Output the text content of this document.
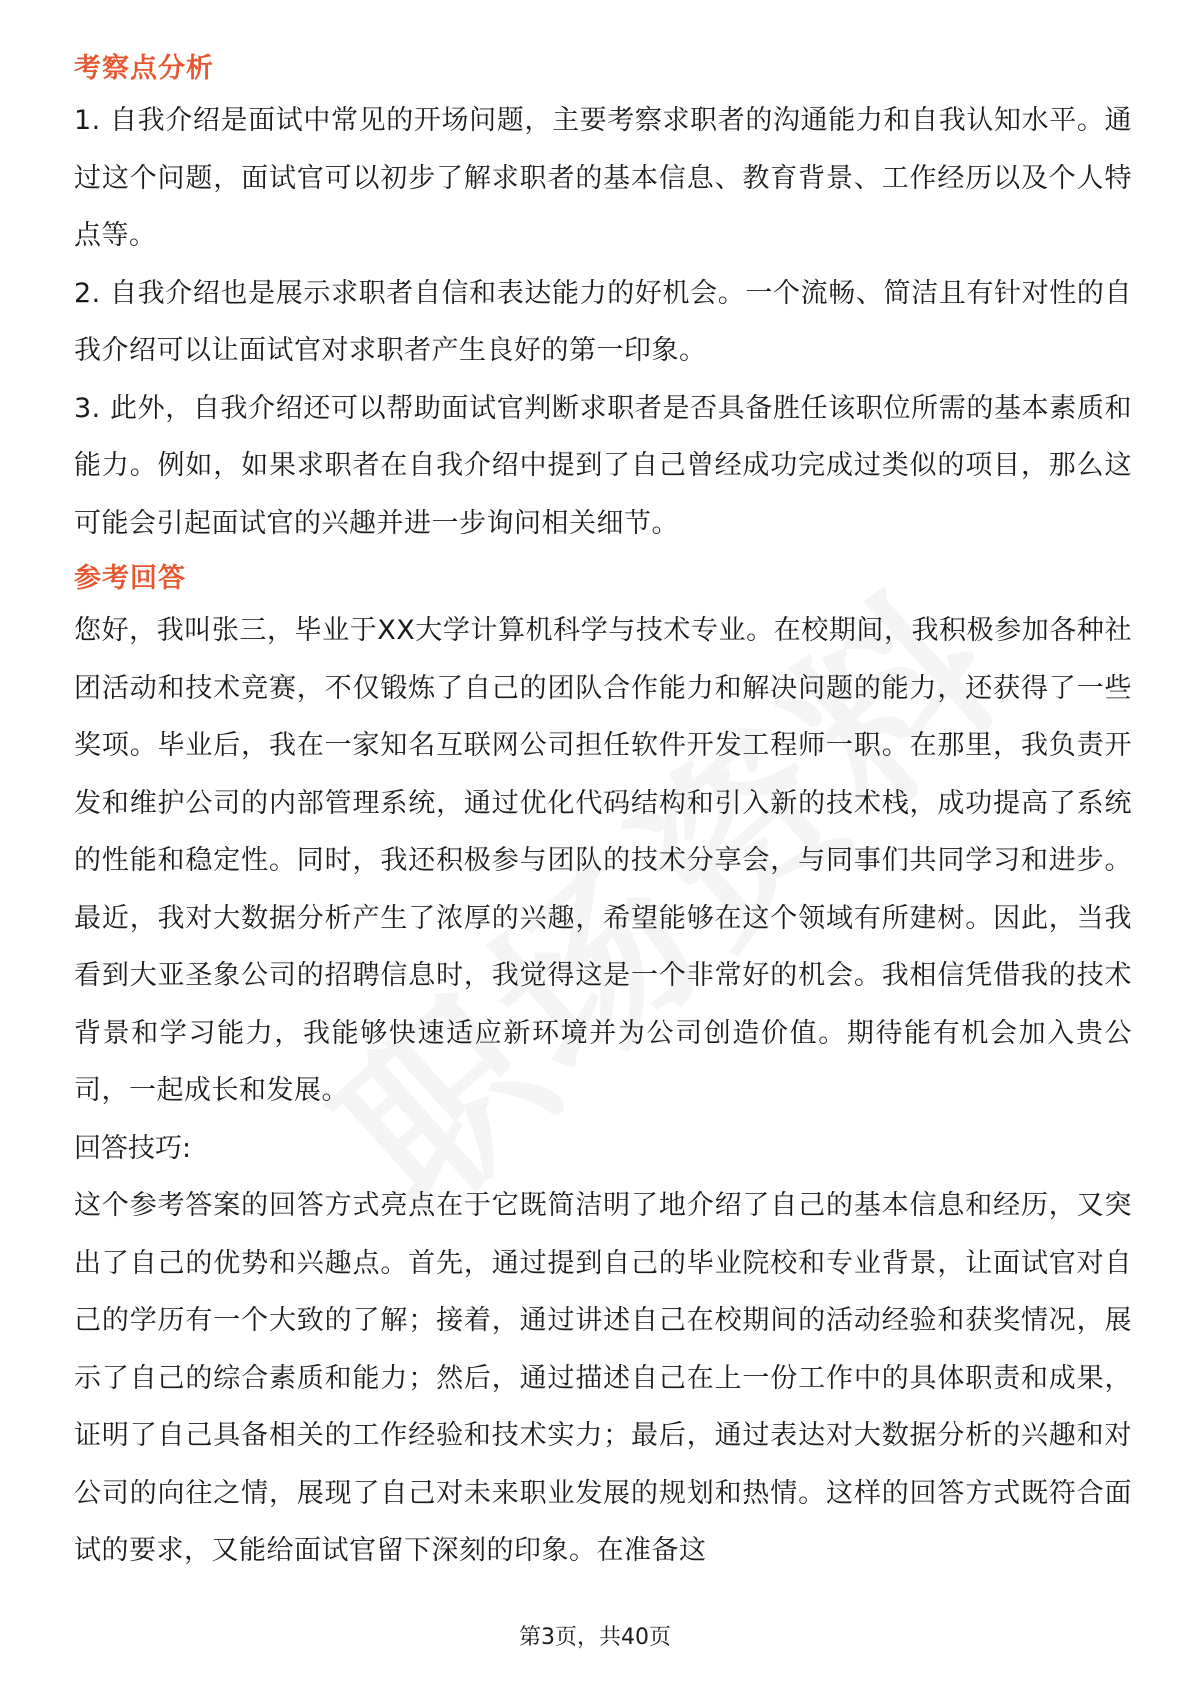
考察点分析

1. 自我介绍是面试中常见的开场问题，主要考察求职者的沟通能力和自我认知水平。通过这个问题，面试官可以初步了解求职者的基本信息、教育背景、工作经历以及个人特点等。

2. 自我介绍也是展示求职者自信和表达能力的好机会。一个流畅、简洁且有针对性的自我介绍可以让面试官对求职者产生良好的第一印象。

3. 此外，自我介绍还可以帮助面试官判断求职者是否具备胜任该职位所需的基本素质和能力。例如，如果求职者在自我介绍中提到了自己曾经成功完成过类似的项目，那么这可能会引起面试官的兴趣并进一步询问相关细节。

参考回答

您好，我叫张三，毕业于XX大学计算机科学与技术专业。在校期间，我积极参加各种社团活动和技术竞赛，不仅锻炼了自己的团队合作能力和解决问题的能力，还获得了一些奖项。毕业后，我在一家知名互联网公司担任软件开发工程师一职。在那里，我负责开发和维护公司的内部管理系统，通过优化代码结构和引入新的技术栈，成功提高了系统的性能和稳定性。同时，我还积极参与团队的技术分享会，与同事们共同学习和进步。最近，我对大数据分析产生了浓厚的兴趣，希望能够在这个领域有所建树。因此，当我看到大亚圣象公司的招聘信息时，我觉得这是一个非常好的机会。我相信凭借我的技术背景和学习能力，我能够快速适应新环境并为公司创造价值。期待能有机会加入贵公司，一起成长和发展。

回答技巧:

这个参考答案的回答方式亮点在于它既简洁明了地介绍了自己的基本信息和经历，又突出了自己的优势和兴趣点。首先，通过提到自己的毕业院校和专业背景，让面试官对自己的学历有一个大致的了解；接着，通过讲述自己在校期间的活动经验和获奖情况，展示了自己的综合素质和能力；然后，通过描述自己在上一份工作中的具体职责和成果，证明了自己具备相关的工作经验和技术实力；最后，通过表达对大数据分析的兴趣和对公司的向往之情，展现了自己对未来职业发展的规划和热情。这样的回答方式既符合面试的要求，又能给面试官留下深刻的印象。在准备这

第3页，共40页
